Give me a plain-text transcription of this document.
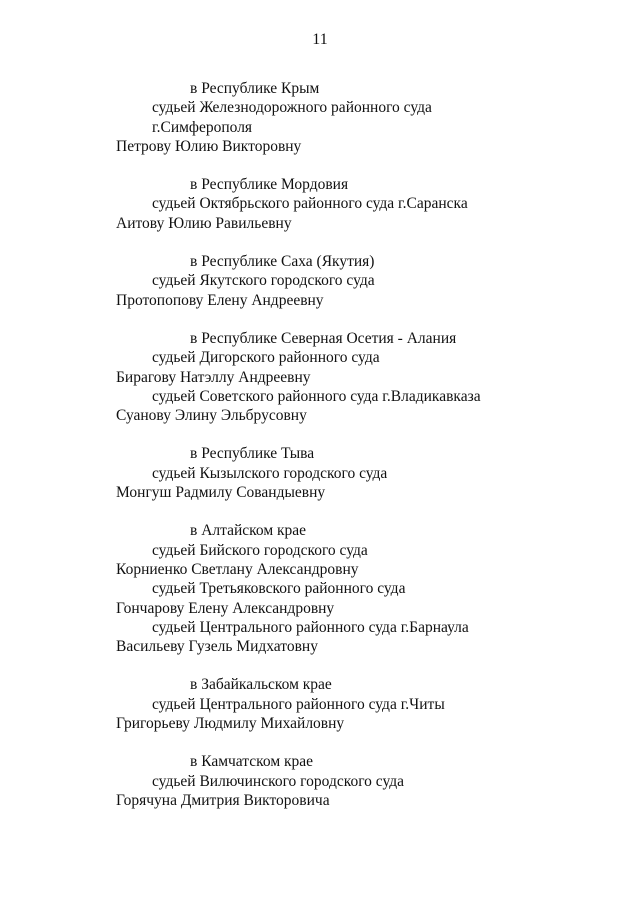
11
в Республике Крым
судьей Железнодорожного районного суда
г.Симферополя
Петрову Юлию Викторовну
в Республике Мордовия
судьей Октябрьского районного суда г.Саранска
Аитову Юлию Равильевну
в Республике Саха (Якутия)
судьей Якутского городского суда
Протопопову Елену Андреевну
в Республике Северная Осетия - Алания
судьей Дигорского районного суда
Бирагову Натэллу Андреевну
судьей Советского районного суда г.Владикавказа
Суанову Элину Эльбрусовну
в Республике Тыва
судьей Кызылского городского суда
Монгуш Радмилу Совандыевну
в Алтайском крае
судьей Бийского городского суда
Корниенко Светлану Александровну
судьей Третьяковского районного суда
Гончарову Елену Александровну
судьей Центрального районного суда г.Барнаула
Васильеву Гузель Мидхатовну
в Забайкальском крае
судьей Центрального районного суда г.Читы
Григорьеву Людмилу Михайловну
в Камчатском крае
судьей Вилючинского городского суда
Горячуна Дмитрия Викторовича
